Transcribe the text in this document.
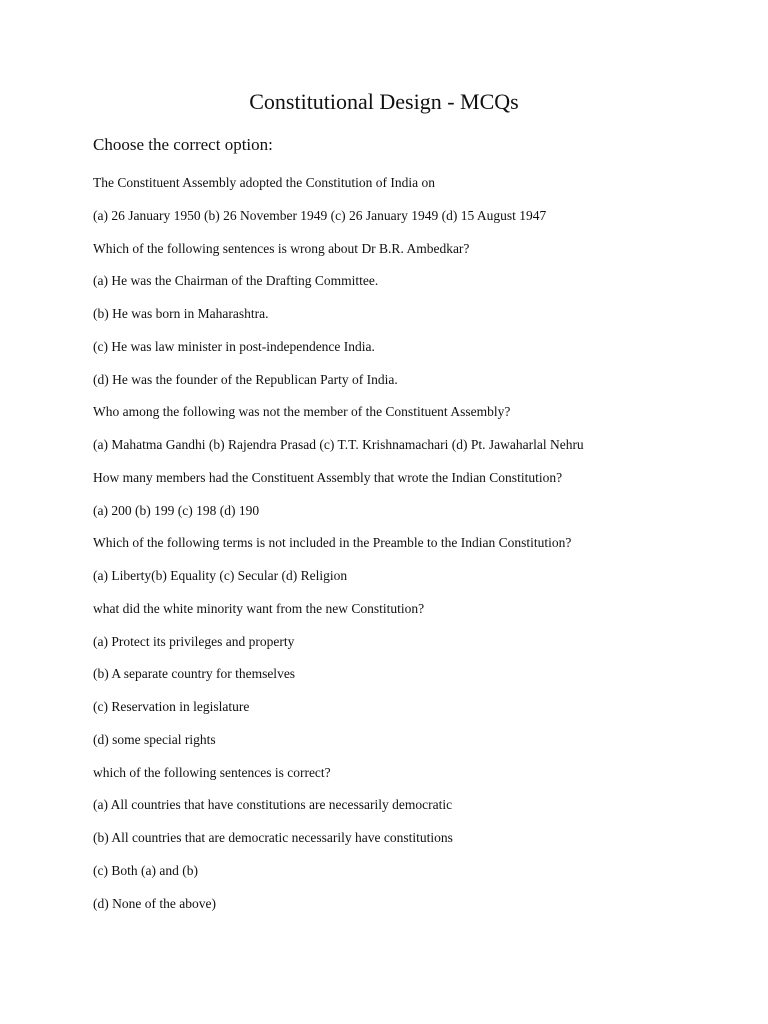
Constitutional Design - MCQs
Choose the correct option:
The Constituent Assembly adopted the Constitution of India on
(a) 26 January 1950 (b) 26 November 1949 (c) 26 January 1949 (d) 15 August 1947
Which of the following sentences is wrong about Dr B.R. Ambedkar?
(a) He was the Chairman of the Drafting Committee.
(b) He was born in Maharashtra.
(c) He was law minister in post-independence India.
(d) He was the founder of the Republican Party of India.
Who among the following was not the member of the Constituent Assembly?
(a) Mahatma Gandhi (b) Rajendra Prasad (c) T.T. Krishnamachari (d) Pt. Jawaharlal Nehru
How many members had the Constituent Assembly that wrote the Indian Constitution?
(a) 200 (b) 199 (c) 198 (d) 190
Which of the following terms is not included in the Preamble to the Indian Constitution?
(a) Liberty(b) Equality (c) Secular (d) Religion
what did the white minority want from the new Constitution?
(a) Protect its privileges and property
(b) A separate country for themselves
(c) Reservation in legislature
(d) some special rights
which of the following sentences is correct?
(a) All countries that have constitutions are necessarily democratic
(b) All countries that are democratic necessarily have constitutions
(c) Both (a) and (b)
(d) None of the above)
